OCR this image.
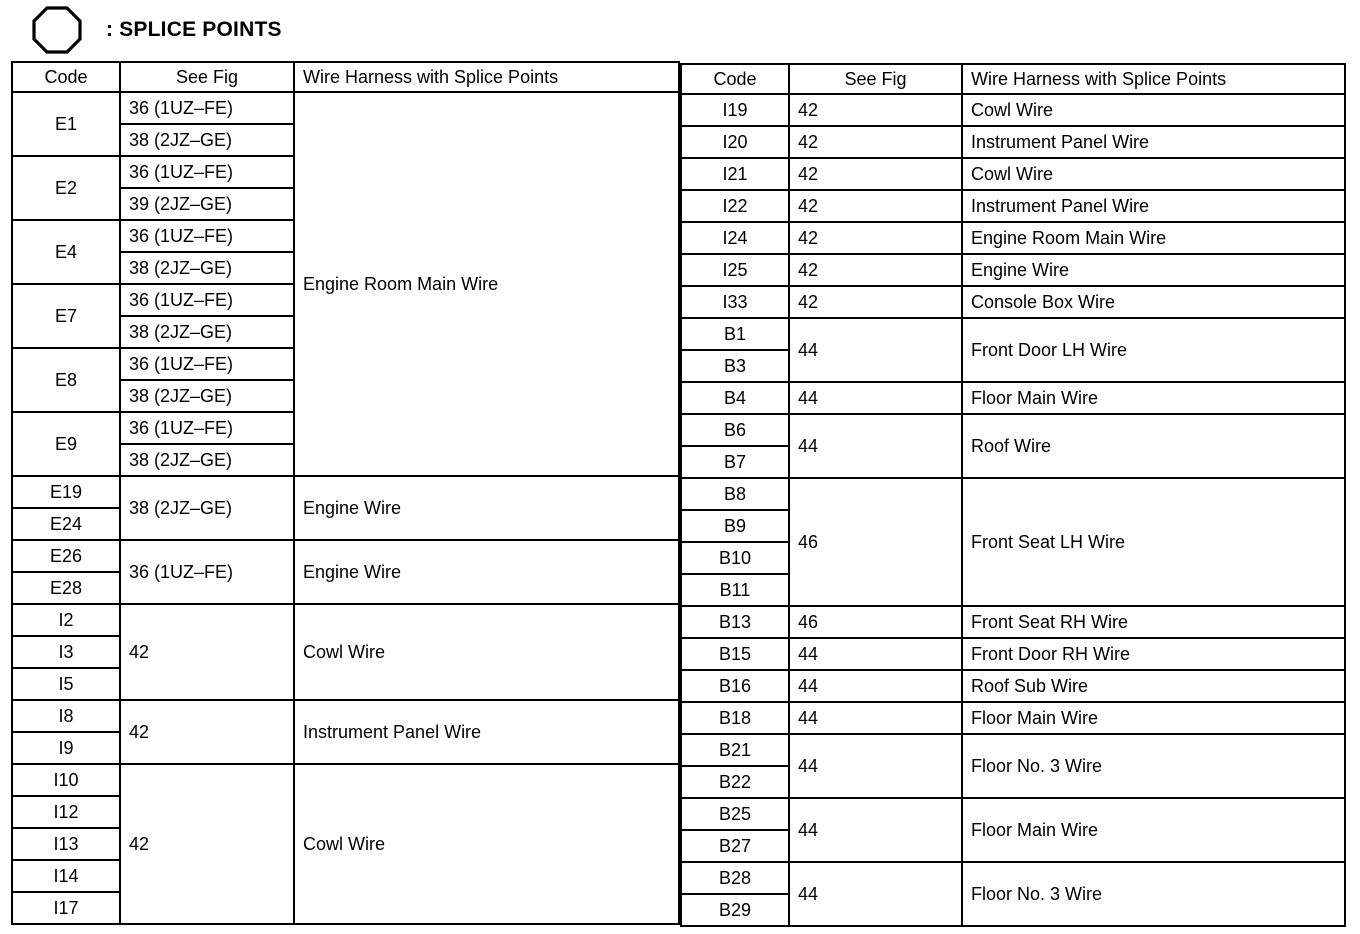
: SPLICE POINTS
Code	See Fig	Wire Harness with Splice Points
E1	36 (1UZ–FE)	Engine Room Main Wire
	38 (2JZ–GE)	
E2	36 (1UZ–FE)	
	39 (2JZ–GE)	
E4	36 (1UZ–FE)	
	38 (2JZ–GE)	
E7	36 (1UZ–FE)	
	38 (2JZ–GE)	
E8	36 (1UZ–FE)	
	38 (2JZ–GE)	
E9	36 (1UZ–FE)	
	38 (2JZ–GE)	
E19	38 (2JZ–GE)	Engine Wire
E24		
E26	36 (1UZ–FE)	Engine Wire
E28		
I2	42	Cowl Wire
I3		
I5		
I8	42	Instrument Panel Wire
I9		
I10	42	Cowl Wire
I12		
I13		
I14		
I17		
Code	See Fig	Wire Harness with Splice Points
I19	42	Cowl Wire
I20	42	Instrument Panel Wire
I21	42	Cowl Wire
I22	42	Instrument Panel Wire
I24	42	Engine Room Main Wire
I25	42	Engine Wire
I33	42	Console Box Wire
B1	44	Front Door LH Wire
B3		
B4	44	Floor Main Wire
B6	44	Roof Wire
B7		
B8	46	Front Seat LH Wire
B9		
B10		
B11		
B13	46	Front Seat RH Wire
B15	44	Front Door RH Wire
B16	44	Roof Sub Wire
B18	44	Floor Main Wire
B21	44	Floor No. 3 Wire
B22		
B25	44	Floor Main Wire
B27		
B28	44	Floor No. 3 Wire
B29		
